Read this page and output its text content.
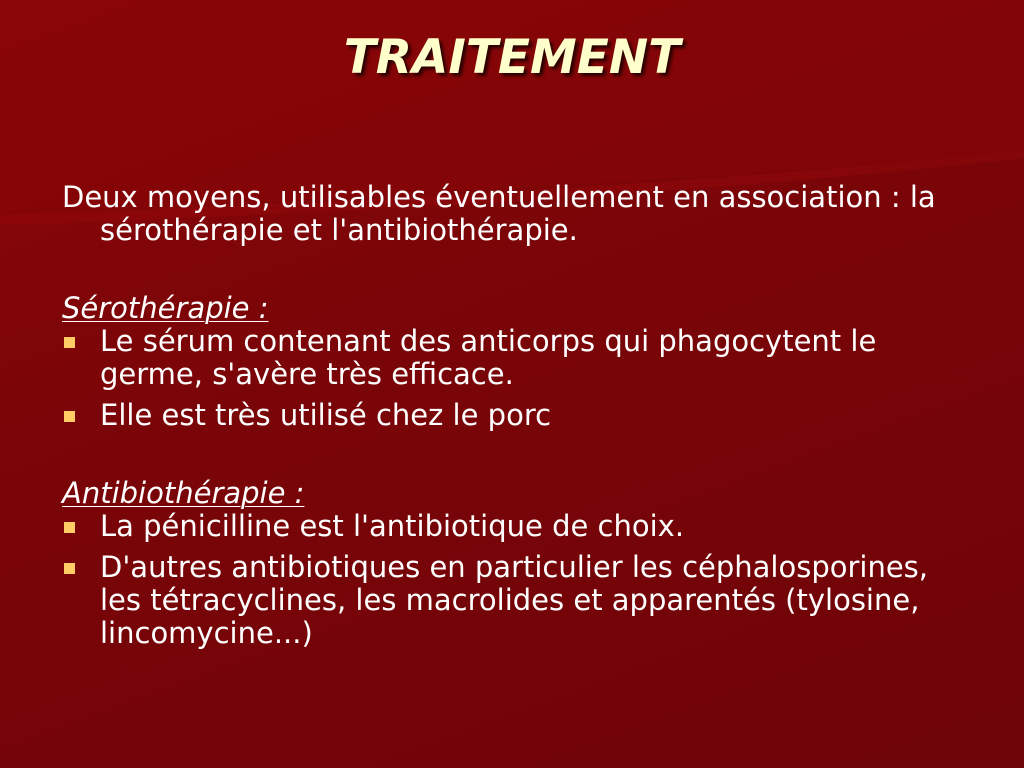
TRAITEMENT

Deux moyens, utilisables éventuellement en association : la sérothérapie et l'antibiothérapie.

Sérothérapie :

Le sérum contenant des anticorps qui phagocytent le germe, s'avère très efficace.
Elle est très utilisé chez le porc

Antibiothérapie :

La pénicilline est l'antibiotique de choix.
D'autres antibiotiques en particulier les céphalosporines, les tétracyclines, les macrolides et apparentés (tylosine, lincomycine...)
